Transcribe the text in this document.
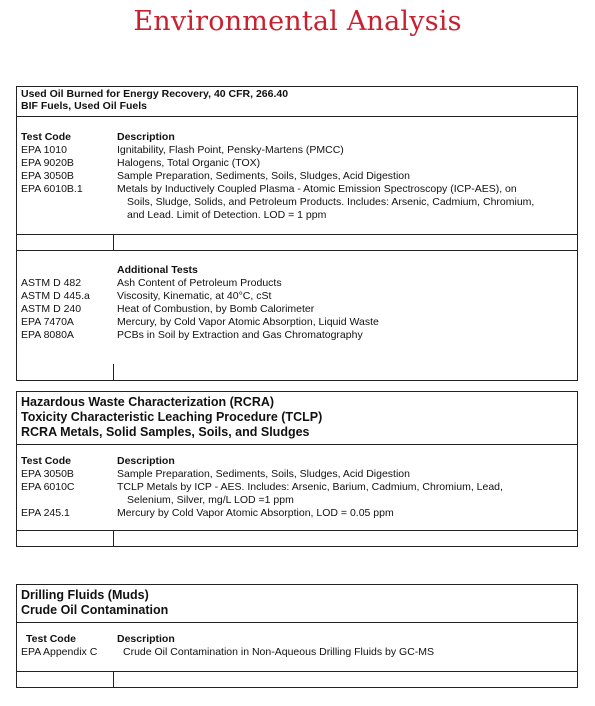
Environmental Analysis
Used Oil Burned for Energy Recovery, 40 CFR, 266.40
BIF Fuels, Used Oil Fuels
Test Code	Description
EPA 1010	Ignitability, Flash Point, Pensky-Martens (PMCC)
EPA 9020B	Halogens, Total Organic (TOX)
EPA 3050B	Sample Preparation, Sediments, Soils, Sludges, Acid Digestion
EPA 6010B.1	Metals by Inductively Coupled Plasma - Atomic Emission Spectroscopy (ICP-AES), on
Soils, Sludge, Solids, and Petroleum Products. Includes: Arsenic, Cadmium, Chromium,
and Lead. Limit of Detection. LOD = 1 ppm
Additional Tests
ASTM D 482	Ash Content of Petroleum Products
ASTM D 445.a	Viscosity, Kinematic, at 40°C, cSt
ASTM D 240	Heat of Combustion, by Bomb Calorimeter
EPA 7470A	Mercury, by Cold Vapor Atomic Absorption, Liquid Waste
EPA 8080A	PCBs in Soil by Extraction and Gas Chromatography
Hazardous Waste Characterization (RCRA)
Toxicity Characteristic Leaching Procedure (TCLP)
RCRA Metals, Solid Samples, Soils, and Sludges
Test Code	Description
EPA 3050B	Sample Preparation, Sediments, Soils, Sludges, Acid Digestion
EPA 6010C	TCLP Metals by ICP - AES. Includes: Arsenic, Barium, Cadmium, Chromium, Lead,
Selenium, Silver, mg/L LOD =1 ppm
EPA 245.1	Mercury by Cold Vapor Atomic Absorption, LOD = 0.05 ppm
Drilling Fluids (Muds)
Crude Oil Contamination
Test Code	Description
EPA Appendix C Crude Oil Contamination in Non-Aqueous Drilling Fluids by GC-MS
